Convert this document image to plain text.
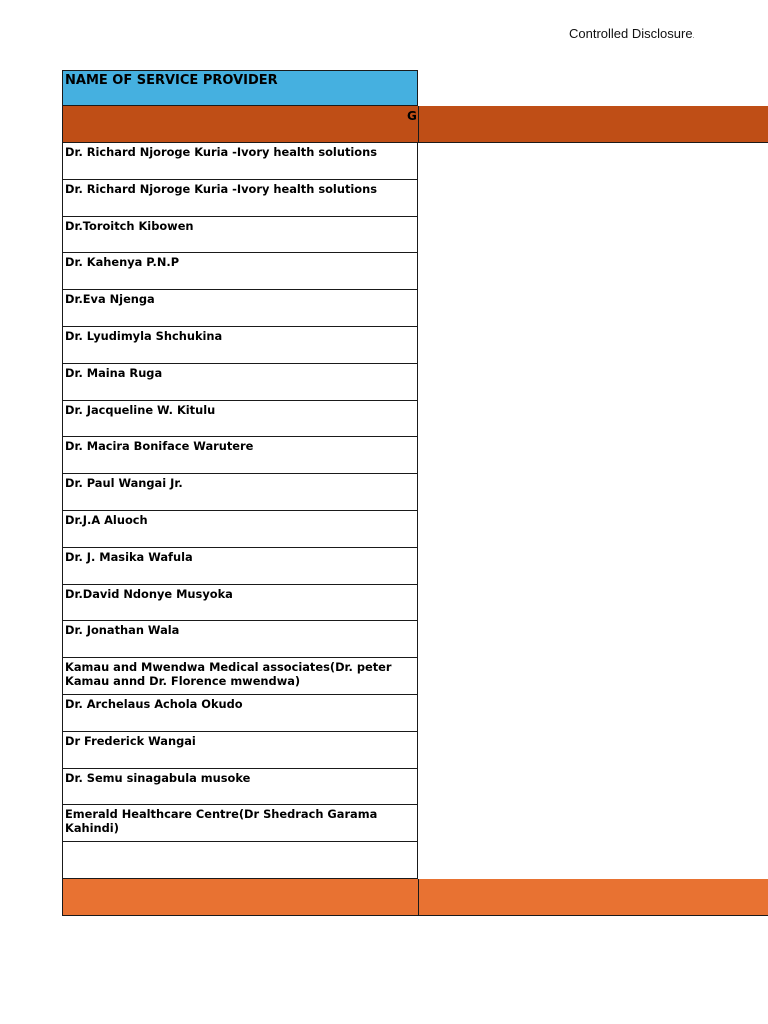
Controlled Disclosure.
NAME OF SERVICE PROVIDER
G
Dr. Richard Njoroge Kuria -Ivory health solutions
Dr. Richard Njoroge Kuria -Ivory health solutions
Dr.Toroitch Kibowen
Dr. Kahenya P.N.P
Dr.Eva Njenga
Dr. Lyudimyla Shchukina
Dr. Maina Ruga
Dr. Jacqueline W. Kitulu
Dr. Macira Boniface Warutere
Dr. Paul Wangai Jr.
Dr.J.A Aluoch
Dr. J. Masika Wafula
Dr.David Ndonye Musyoka
Dr. Jonathan Wala
Kamau and Mwendwa Medical associates(Dr. peter Kamau annd Dr. Florence mwendwa)
Dr. Archelaus Achola Okudo
Dr Frederick Wangai
Dr. Semu sinagabula musoke
Emerald Healthcare Centre(Dr Shedrach Garama Kahindi)
